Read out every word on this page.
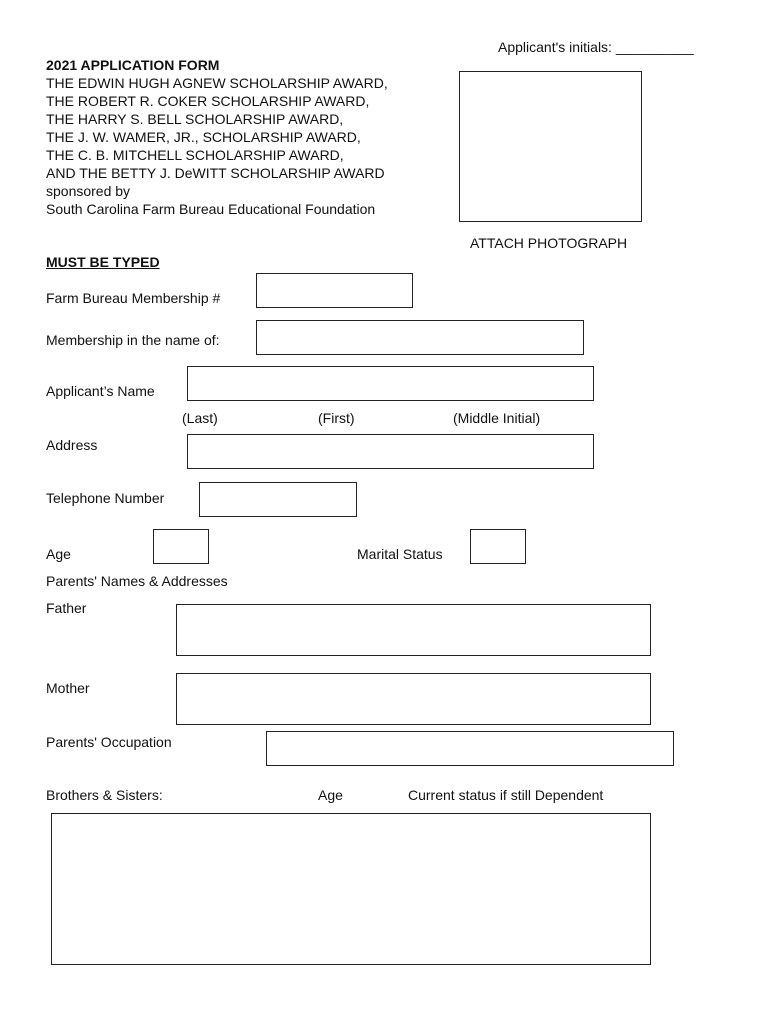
Applicant's initials: __________
2021 APPLICATION FORM
THE EDWIN HUGH AGNEW SCHOLARSHIP AWARD,
THE ROBERT R. COKER SCHOLARSHIP AWARD,
THE HARRY S. BELL SCHOLARSHIP AWARD,
THE J. W. WAMER, JR., SCHOLARSHIP AWARD,
THE C. B. MITCHELL SCHOLARSHIP AWARD,
AND THE BETTY J. DeWITT SCHOLARSHIP AWARD
sponsored by
South Carolina Farm Bureau Educational Foundation
ATTACH PHOTOGRAPH
MUST BE TYPED
Farm Bureau Membership #
Membership in the name of:
Applicant’s Name
(Last)	(First)	(Middle Initial)
Address
Telephone Number
Age	Marital Status
Parents' Names & Addresses
Father
Mother
Parents' Occupation
Brothers & Sisters:	Age	Current status if still Dependent
